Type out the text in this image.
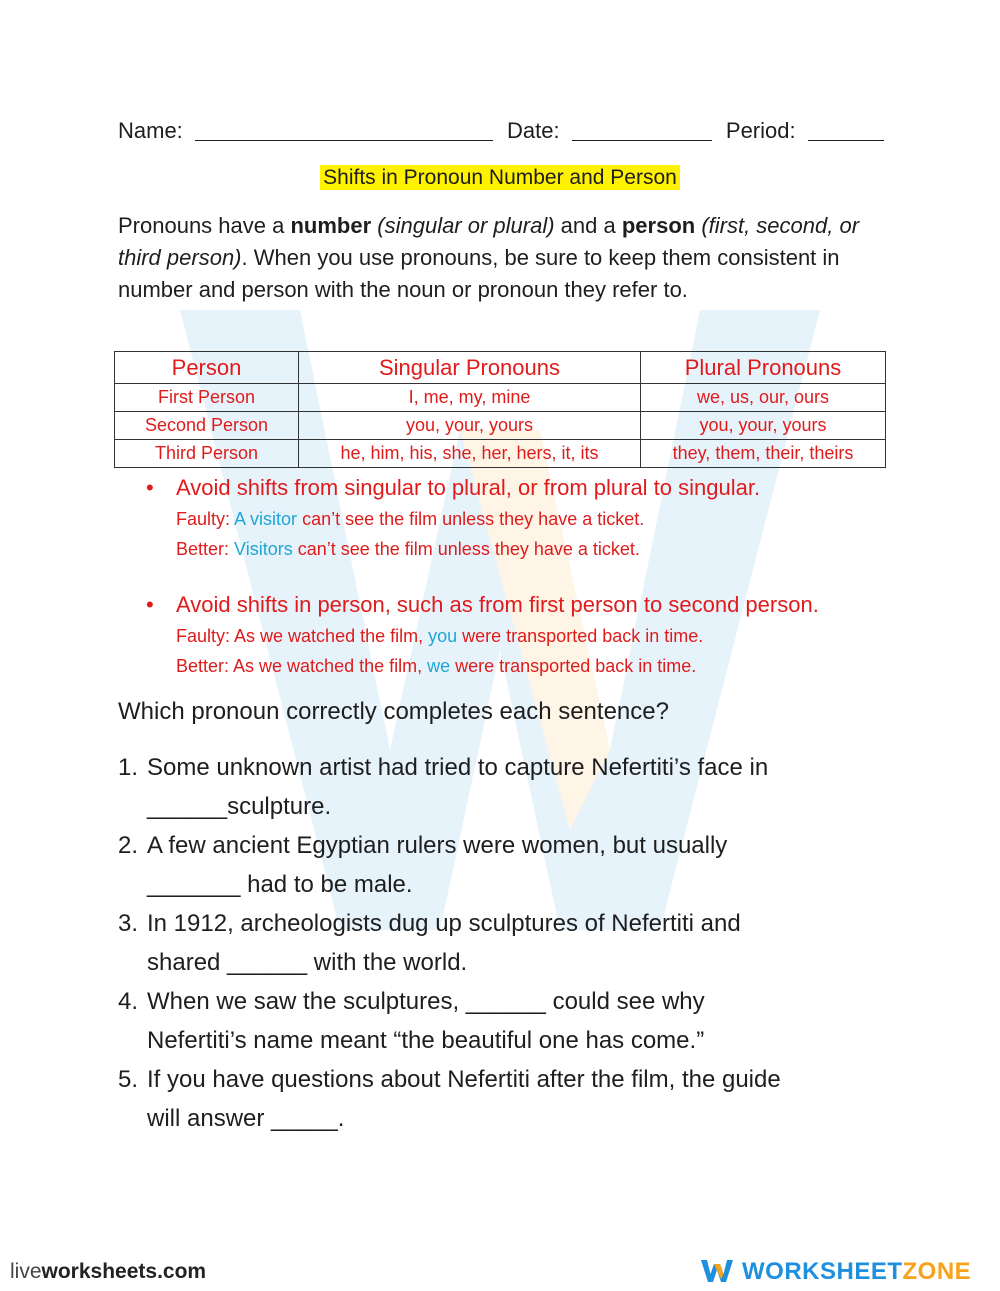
Name:	Date:	Period:
Shifts in Pronoun Number and Person
Pronouns have a number (singular or plural) and a person (first, second, or third person). When you use pronouns, be sure to keep them consistent in number and person with the noun or pronoun they refer to.
Person	Singular Pronouns	Plural Pronouns
First Person	I, me, my, mine	we, us, our, ours
Second Person	you, your, yours	you, your, yours
Third Person	he, him, his, she, her, hers, it, its	they, them, their, theirs
• Avoid shifts from singular to plural, or from plural to singular.
Faulty: A visitor can’t see the film unless they have a ticket.
Better: Visitors can’t see the film unless they have a ticket.
• Avoid shifts in person, such as from first person to second person.
Faulty: As we watched the film, you were transported back in time.
Better: As we watched the film, we were transported back in time.
Which pronoun correctly completes each sentence?
1. Some unknown artist had tried to capture Nefertiti’s face in
______sculpture.
2. A few ancient Egyptian rulers were women, but usually
_______ had to be male.
3. In 1912, archeologists dug up sculptures of Nefertiti and
shared ______ with the world.
4. When we saw the sculptures, ______ could see why
Nefertiti’s name meant “the beautiful one has come.”
5. If you have questions about Nefertiti after the film, the guide
will answer _____.
liveworksheets.com	WORKSHEETZONE
